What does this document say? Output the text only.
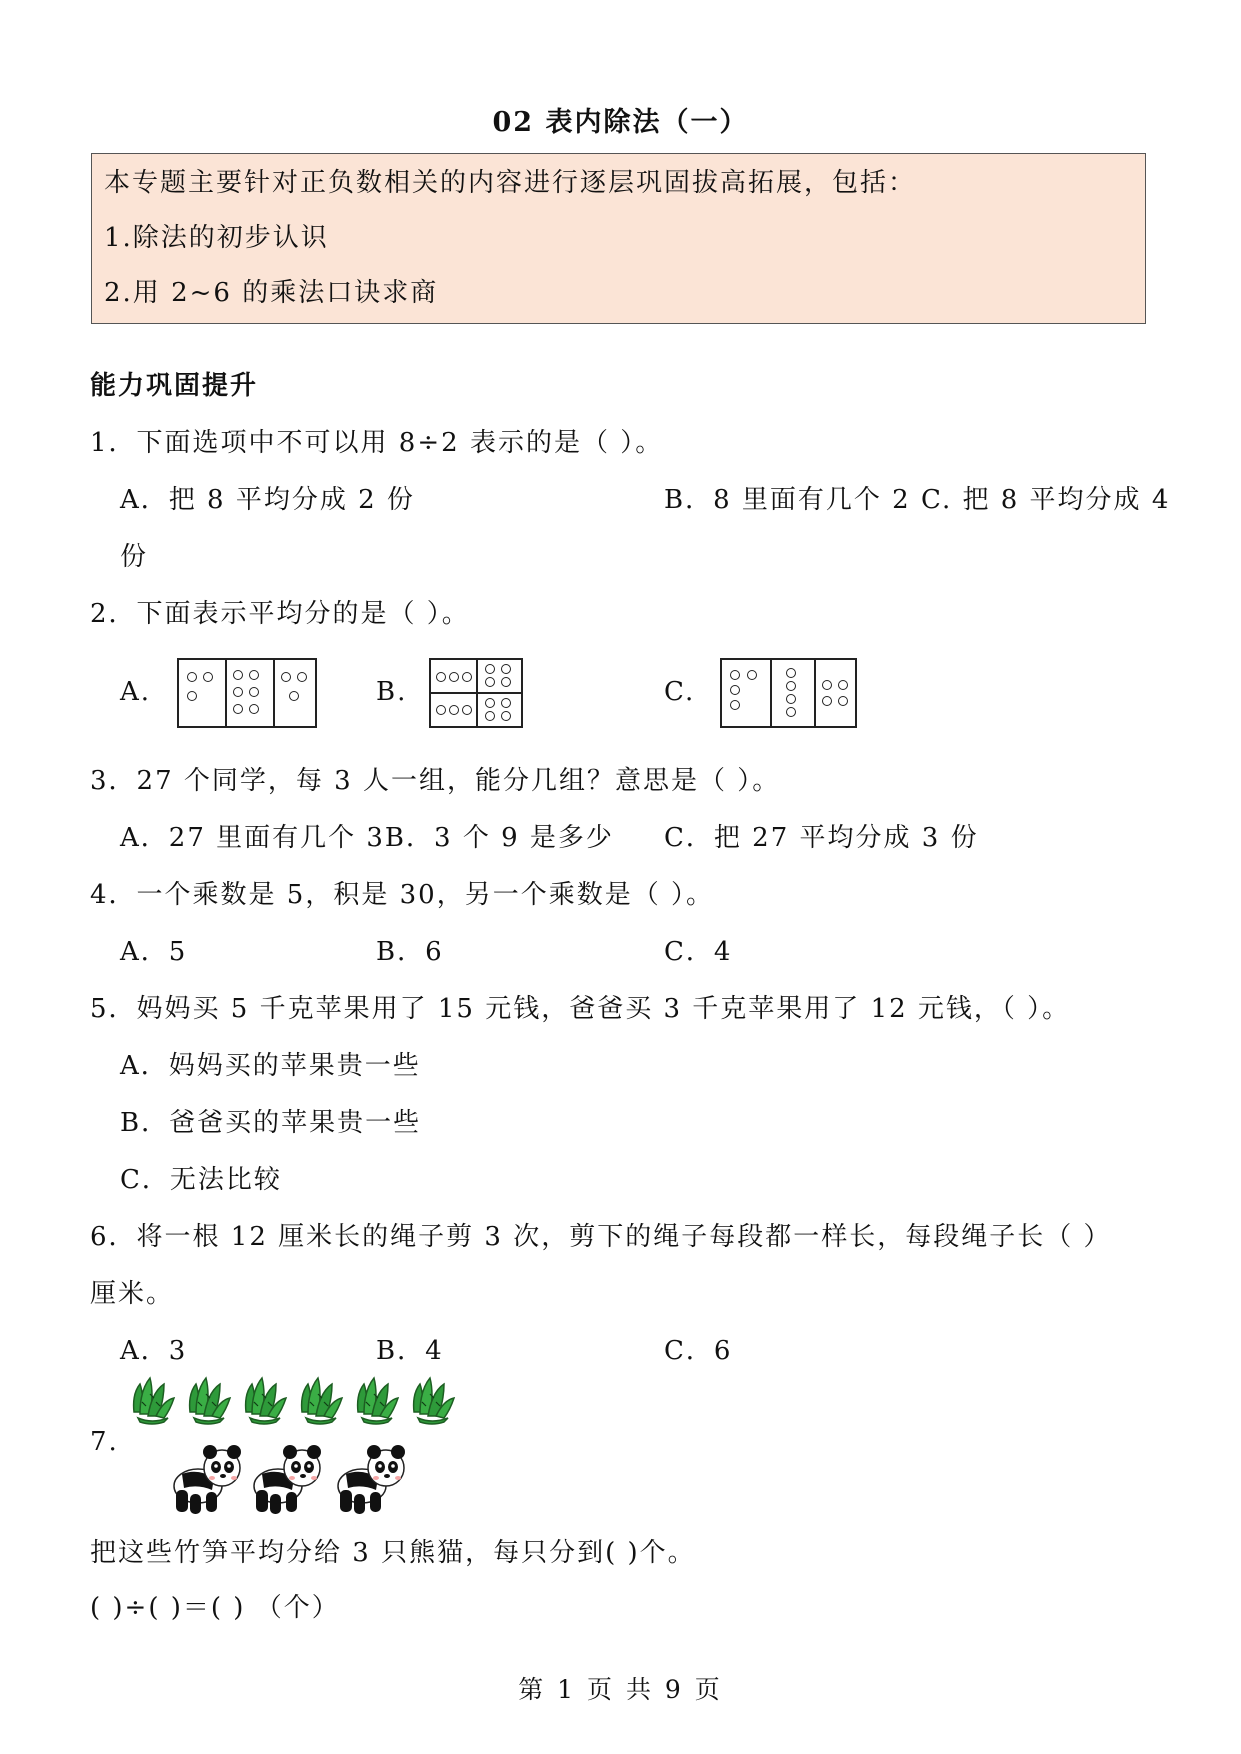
02 表内除法（一）
本专题主要针对正负数相关的内容进行逐层巩固拔高拓展，包括：
1.除法的初步认识
2.用 2~6 的乘法口诀求商
能力巩固提升
1．下面选项中不可以用 8÷2 表示的是（ ）。
A．把 8 平均分成 2 份	B．8 里面有几个 2 C. 把 8 平均分成 4
份
2．下面表示平均分的是（ ）。
A.	B.	C.
3．27 个同学，每 3 人一组，能分几组？意思是（ ）。
A．27 里面有几个 3B．3 个 9 是多少 C．把 27 平均分成 3 份
4．一个乘数是 5，积是 30，另一个乘数是（ ）。
A．5	B．6	C．4
5．妈妈买 5 千克苹果用了 15 元钱，爸爸买 3 千克苹果用了 12 元钱，（ ）。
A．妈妈买的苹果贵一些
B．爸爸买的苹果贵一些
C．无法比较
6．将一根 12 厘米长的绳子剪 3 次，剪下的绳子每段都一样长，每段绳子长（ ）
厘米。
A．3	B．4	C．6
7.
把这些竹笋平均分给 3 只熊猫，每只分到( )个。
( )÷( )＝( ) （个）
第 1 页 共 9 页
